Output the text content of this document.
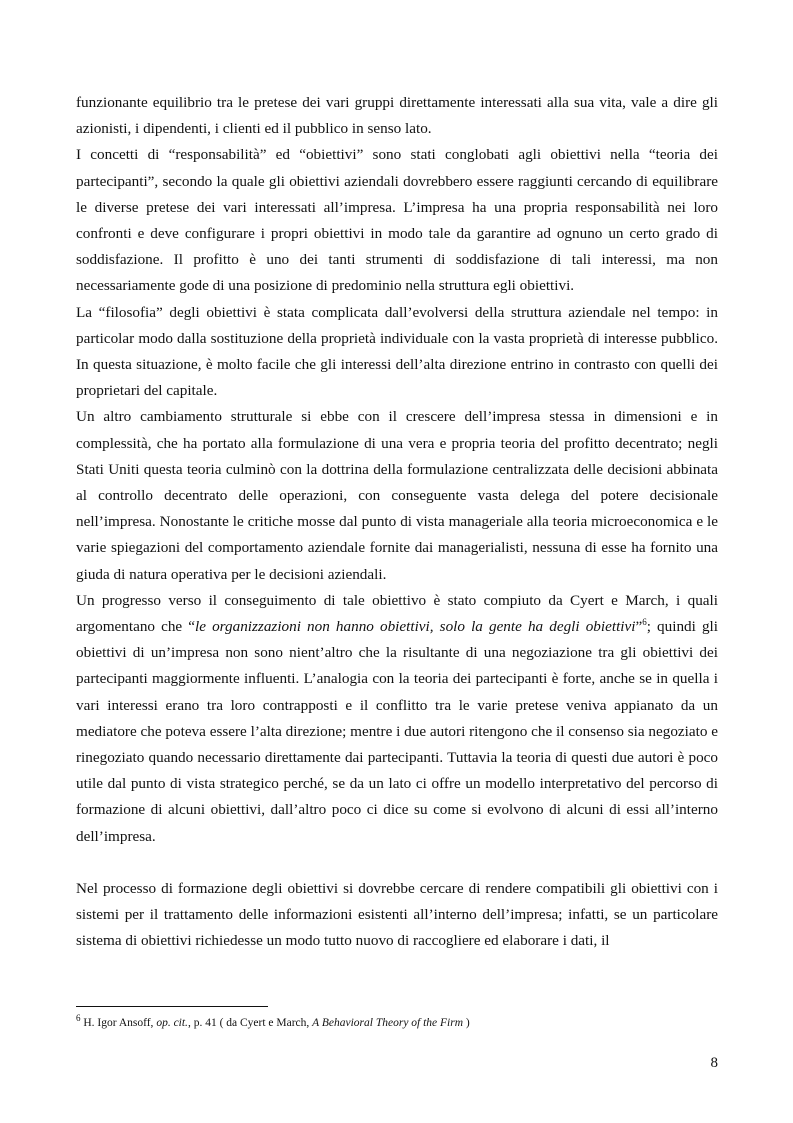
funzionante equilibrio tra le pretese dei vari gruppi direttamente interessati alla sua vita, vale a dire gli azionisti, i dipendenti, i clienti ed il pubblico in senso lato.

I concetti di “responsabilità” ed “obiettivi” sono stati conglobati agli obiettivi nella “teoria dei partecipanti”, secondo la quale gli obiettivi aziendali dovrebbero essere raggiunti cercando di equilibrare le diverse pretese dei vari interessati all’impresa. L’impresa ha una propria responsabilità nei loro confronti e deve configurare i propri obiettivi in modo tale da garantire ad ognuno un certo grado di soddisfazione. Il profitto è uno dei tanti strumenti di soddisfazione di tali interessi, ma non necessariamente gode di una posizione di predominio nella struttura egli obiettivi.

La “filosofia” degli obiettivi è stata complicata dall’evolversi della struttura aziendale nel tempo: in particolar modo dalla sostituzione della proprietà individuale con la vasta proprietà di interesse pubblico. In questa situazione, è molto facile che gli interessi dell’alta direzione entrino in contrasto con quelli dei proprietari del capitale.

Un altro cambiamento strutturale si ebbe con il crescere dell’impresa stessa in dimensioni e in complessità, che ha portato alla formulazione di una vera e propria teoria del profitto decentrato; negli Stati Uniti questa teoria culminò con la dottrina della formulazione centralizzata delle decisioni abbinata al controllo decentrato delle operazioni, con conseguente vasta delega del potere decisionale nell’impresa. Nonostante le critiche mosse dal punto di vista manageriale alla teoria microeconomica e le varie spiegazioni del comportamento aziendale fornite dai managerialisti, nessuna di esse ha fornito una giuda di natura operativa per le decisioni aziendali.

Un progresso verso il conseguimento di tale obiettivo è stato compiuto da Cyert e March, i quali argomentano che “le organizzazioni non hanno obiettivi, solo la gente ha degli obiettivi”$^6$; quindi gli obiettivi di un’impresa non sono nient’altro che la risultante di una negoziazione tra gli obiettivi dei partecipanti maggiormente influenti. L’analogia con la teoria dei partecipanti è forte, anche se in quella i vari interessi erano tra loro contrapposti e il conflitto tra le varie pretese veniva appianato da un mediatore che poteva essere l’alta direzione; mentre i due autori ritengono che il consenso sia negoziato e rinegoziato quando necessario direttamente dai partecipanti. Tuttavia la teoria di questi due autori è poco utile dal punto di vista strategico perché, se da un lato ci offre un modello interpretativo del percorso di formazione di alcuni obiettivi, dall’altro poco ci dice su come si evolvono di alcuni di essi all’interno dell’impresa.

Nel processo di formazione degli obiettivi si dovrebbe cercare di rendere compatibili gli obiettivi con i sistemi per il trattamento delle informazioni esistenti all’interno dell’impresa; infatti, se un particolare sistema di obiettivi richiedesse un modo tutto nuovo di raccogliere ed elaborare i dati, il

$^6$ H. Igor Ansoff, op. cit., p. 41 ( da Cyert e March, A Behavioral Theory of the Firm )
8
